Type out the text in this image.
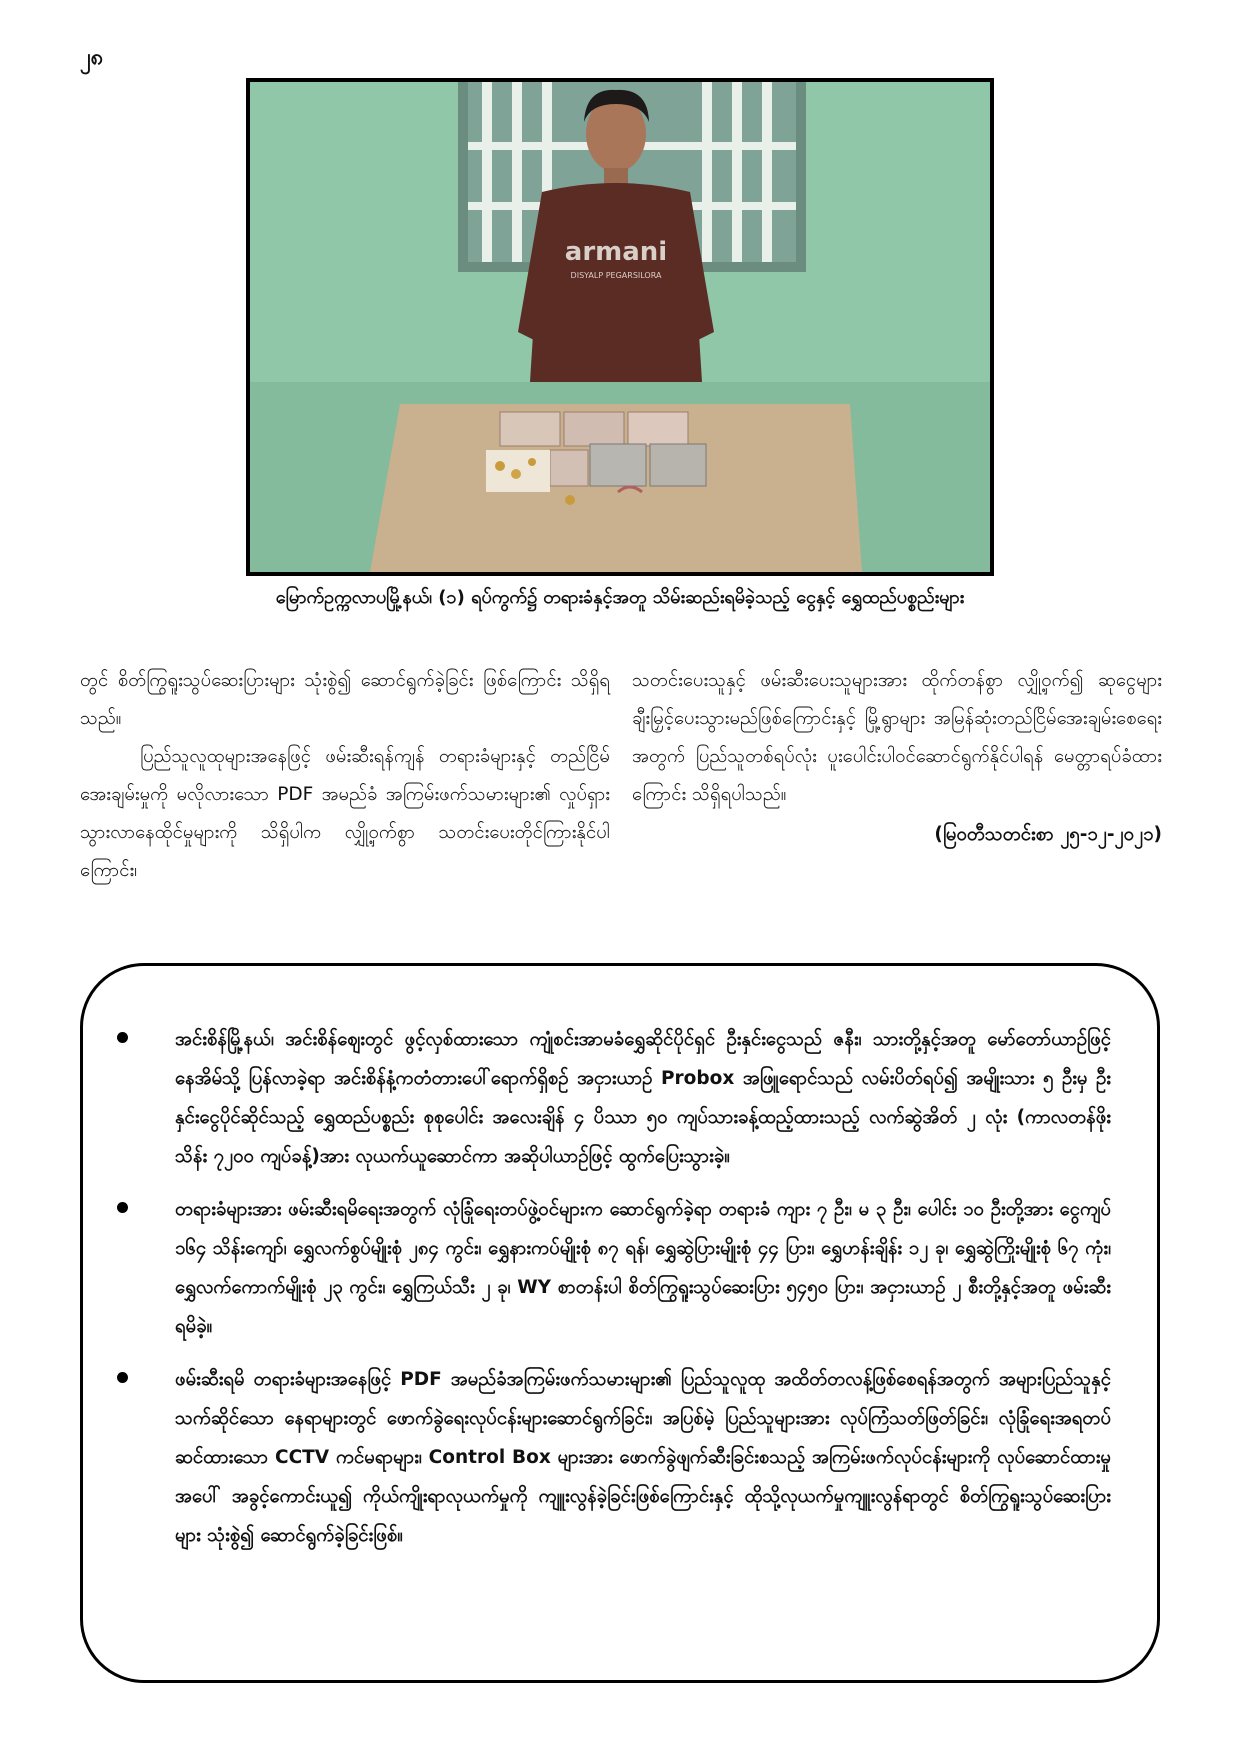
၂၈
armani
DISYALP PEGARSILORA
မြောက်ဥက္ကလာပမြို့နယ်၊ (၁) ရပ်ကွက်၌ တရားခံနှင့်အတူ သိမ်းဆည်းရမိခဲ့သည့် ငွေနှင့် ရွှေထည်ပစ္စည်းများ

တွင် စိတ်ကြွရူးသွပ်ဆေးပြားများ သုံးစွဲ၍ ဆောင်ရွက်ခဲ့ခြင်း ဖြစ်ကြောင်း သိရှိရသည်။

ပြည်သူလူထုများအနေဖြင့် ဖမ်းဆီးရန်ကျန် တရားခံများနှင့် တည်ငြိမ်အေးချမ်းမှုကို မလိုလားသော PDF အမည်ခံ အကြမ်းဖက်သမားများ၏ လှုပ်ရှားသွားလာနေထိုင်မှုများကို သိရှိပါက လျှို့ဝှက်စွာ သတင်းပေးတိုင်ကြားနိုင်ပါကြောင်း၊

သတင်းပေးသူနှင့် ဖမ်းဆီးပေးသူများအား ထိုက်တန်စွာ လျှို့ဝှက်၍ ဆုငွေများချီးမြှင့်ပေးသွားမည်ဖြစ်ကြောင်းနှင့် မြို့ရွာများ အမြန်ဆုံးတည်ငြိမ်အေးချမ်းစေရေးအတွက် ပြည်သူတစ်ရပ်လုံး ပူးပေါင်းပါဝင်ဆောင်ရွက်နိုင်ပါရန် မေတ္တာရပ်ခံထားကြောင်း သိရှိရပါသည်။

(မြဝတီသတင်းစာ ၂၅-၁၂-၂၀၂၁)

အင်းစိန်မြို့နယ်၊ အင်းစိန်ဈေးတွင် ဖွင့်လှစ်ထားသော ကျုံစင်းအာမခံရွှေဆိုင်ပိုင်ရှင် ဦးနှင်းငွေသည် ဇနီး၊ သားတို့နှင့်အတူ မော်တော်ယာဉ်ဖြင့် နေအိမ်သို့ ပြန်လာခဲ့ရာ အင်းစိန်နံ့ကတံတားပေါ်ရောက်ရှိစဉ် အငှားယာဉ် Probox အဖြူရောင်သည် လမ်းပိတ်ရပ်၍ အမျိုးသား ၅ ဦးမှ ဦးနှင်းငွေပိုင်ဆိုင်သည့် ရွှေထည်ပစ္စည်း စုစုပေါင်း အလေးချိန် ၄ ပိဿာ ၅၀ ကျပ်သားခန့်ထည့်ထားသည့် လက်ဆွဲအိတ် ၂ လုံး (ကာလတန်ဖိုး သိန်း ၇၂၀၀ ကျပ်ခန့်)အား လုယက်ယူဆောင်ကာ အဆိုပါယာဉ်ဖြင့် ထွက်ပြေးသွားခဲ့။
တရားခံများအား ဖမ်းဆီးရမိရေးအတွက် လုံခြုံရေးတပ်ဖွဲ့ဝင်များက ဆောင်ရွက်ခဲ့ရာ တရားခံ ကျား ၇ ဦး၊ မ ၃ ဦး၊ ပေါင်း ၁၀ ဦးတို့အား ငွေကျပ် ၁၆၄ သိန်းကျော်၊ ရွှေလက်စွပ်မျိုးစုံ ၂၈၄ ကွင်း၊ ရွှေနားကပ်မျိုးစုံ ၈၇ ရန်၊ ရွှေဆွဲပြားမျိုးစုံ ၄၄ ပြား၊ ရွှေဟန်းချိန်း ၁၂ ခု၊ ရွှေဆွဲကြိုးမျိုးစုံ ၆၇ ကုံး၊ ရွှေလက်ကောက်မျိုးစုံ ၂၃ ကွင်း၊ ရွှေကြယ်သီး ၂ ခု၊ WY စာတန်းပါ စိတ်ကြွရူးသွပ်ဆေးပြား ၅၄၅၀ ပြား၊ အငှားယာဉ် ၂ စီးတို့နှင့်အတူ ဖမ်းဆီးရမိခဲ့။
ဖမ်းဆီးရမိ တရားခံများအနေဖြင့် PDF အမည်ခံအကြမ်းဖက်သမားများ၏ ပြည်သူလူထု အထိတ်တလန့်ဖြစ်စေရန်အတွက် အများပြည်သူနှင့်သက်ဆိုင်သော နေရာများတွင် ဖောက်ခွဲရေးလုပ်ငန်းများဆောင်ရွက်ခြင်း၊ အပြစ်မဲ့ ပြည်သူများအား လုပ်ကြံသတ်ဖြတ်ခြင်း၊ လုံခြုံရေးအရတပ်ဆင်ထားသော CCTV ကင်မရာများ၊ Control Box များအား ဖောက်ခွဲဖျက်ဆီးခြင်းစသည့် အကြမ်းဖက်လုပ်ငန်းများကို လုပ်ဆောင်ထားမှုအပေါ် အခွင့်ကောင်းယူ၍ ကိုယ်ကျိုးရာလုယက်မှုကို ကျူးလွန်ခဲ့ခြင်းဖြစ်ကြောင်းနှင့် ထိုသို့လုယက်မှုကျူးလွန်ရာတွင် စိတ်ကြွရူးသွပ်ဆေးပြားများ သုံးစွဲ၍ ဆောင်ရွက်ခဲ့ခြင်းဖြစ်။
